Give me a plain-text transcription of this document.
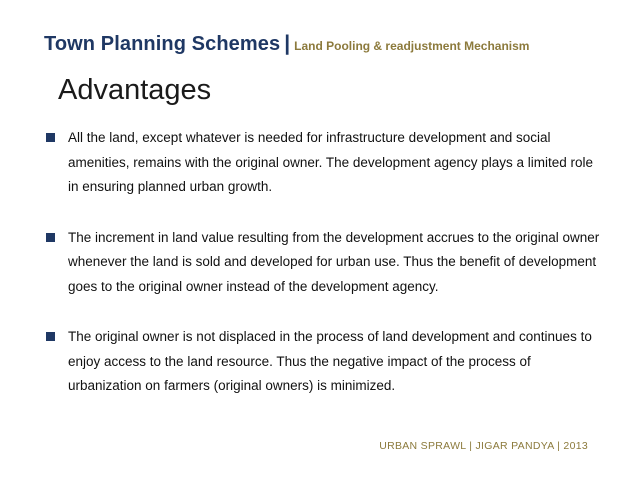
Town Planning Schemes | Land Pooling & readjustment Mechanism
Advantages
All the land, except whatever is needed for infrastructure development and social amenities, remains with the original owner. The development agency plays a limited role in ensuring planned urban growth.
The increment in land value resulting from the development accrues to the original owner whenever the land is sold and developed for urban use. Thus the benefit of development goes to the original owner instead of the development agency.
The original owner is not displaced in the process of land development and continues to enjoy access to the land resource. Thus the negative impact of the process of urbanization on farmers (original owners) is minimized.
URBAN SPRAWL | JIGAR PANDYA | 2013
